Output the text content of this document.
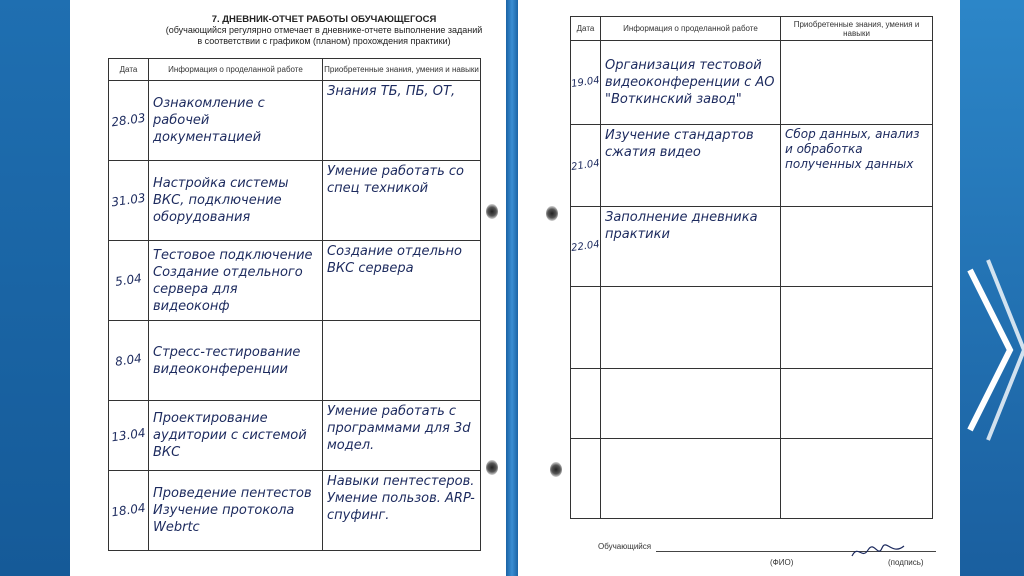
7. ДНЕВНИК-ОТЧЕТ РАБОТЫ ОБУЧАЮЩЕГОСЯ
(обучающийся регулярно отмечает в дневнике-отчете выполнение заданий
в соответствии с графиком (планом) прохождения практики)
Дата	Информация о проделанной работе	Приобретенные знания, умения и навыки

28.03	Ознакомление с рабочей документацией	Знания ТБ, ПБ, ОТ,

31.03	Настройка системы ВКС, подключение оборудования	Умение работать со спец техникой

5.04	Тестовое подключение Создание отдельного сервера для видеоконф	Создание отдельно ВКС сервера

8.04	Стресс-тестирование видеоконференции	

13.04	Проектирование аудитории с системой ВКС	Умение работать с программами для 3d модел.

18.04	Проведение пентестов Изучение протокола Webrtc	Навыки пентестеров. Умение пользов. ARP-спуфинг.
Дата	Информация о проделанной работе	Приобретенные знания, умения и навыки

19.04	Организация тестовой видеоконференции с АО "Воткинский завод"	

21.04	Изучение стандартов сжатия видео	Сбор данных, анализ и обработка полученных данных

22.04	Заполнение дневника практики	

Обучающийся
(ФИО)	(подпись)
